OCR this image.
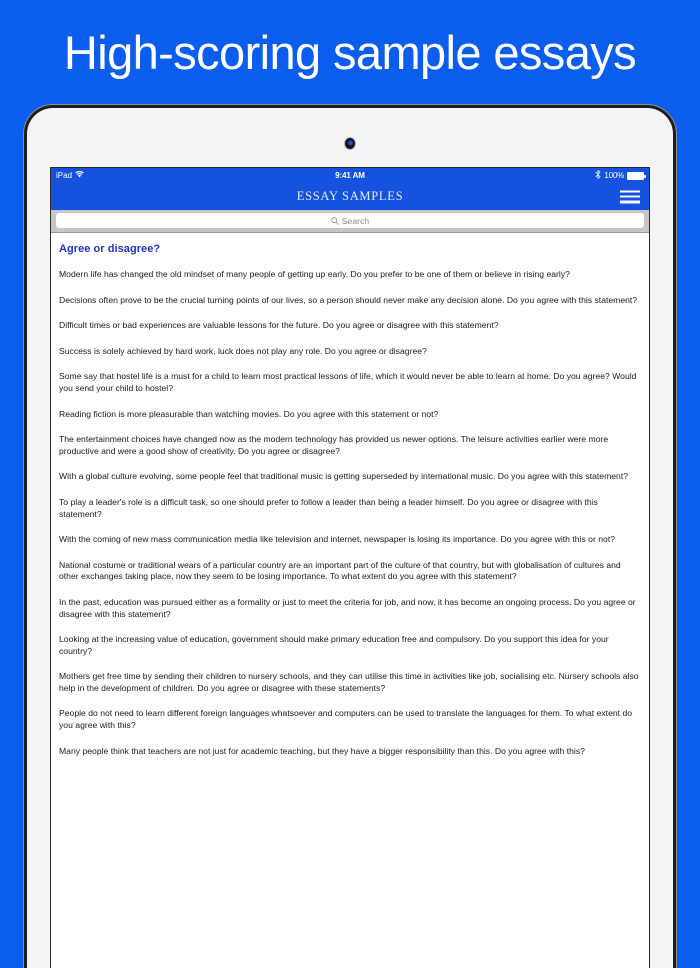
High-scoring sample essays
iPad	9:41 AM	100%
ESSAY SAMPLES
Search
Agree or disagree?
Modern life has changed the old mindset of many people of getting up early. Do you prefer to be one of them or believe in rising early?
Decisions often prove to be the crucial turning points of our lives, so a person should never make any decision alone. Do you agree with this statement?
Difficult times or bad experiences are valuable lessons for the future. Do you agree or disagree with this statement?
Success is solely achieved by hard work, luck does not play any role. Do you agree or disagree?
Some say that hostel life is a must for a child to learn most practical lessons of life, which it would never be able to learn at home. Do you agree? Would you send your child to hostel?
Reading fiction is more pleasurable than watching movies. Do you agree with this statement or not?
The entertainment choices have changed now as the modern technology has provided us newer options. The leisure activities earlier were more productive and were a good show of creativity. Do you agree or disagree?
With a global culture evolving, some people feel that traditional music is getting superseded by international music. Do you agree with this statement?
To play a leader's role is a difficult task, so one should prefer to follow a leader than being a leader himself. Do you agree or disagree with this statement?
With the coming of new mass communication media like television and internet, newspaper is losing its importance. Do you agree with this or not?
National costume or traditional wears of a particular country are an important part of the culture of that country, but with globalisation of cultures and other exchanges taking place, now they seem to be losing importance. To what extent do you agree with this statement?
In the past, education was pursued either as a formality or just to meet the criteria for job, and now, it has become an ongoing process. Do you agree or disagree with this statement?
Looking at the increasing value of education, government should make primary education free and compulsory. Do you support this idea for your country?
Mothers get free time by sending their children to nursery schools, and they can utilise this time in activities like job, socialising etc. Nursery schools also help in the development of children. Do you agree or disagree with these statements?
People do not need to learn different foreign languages whatsoever and computers can be used to translate the languages for them. To what extent do you agree with this?
Many people think that teachers are not just for academic teaching, but they have a bigger responsibility than this. Do you agree with this?
